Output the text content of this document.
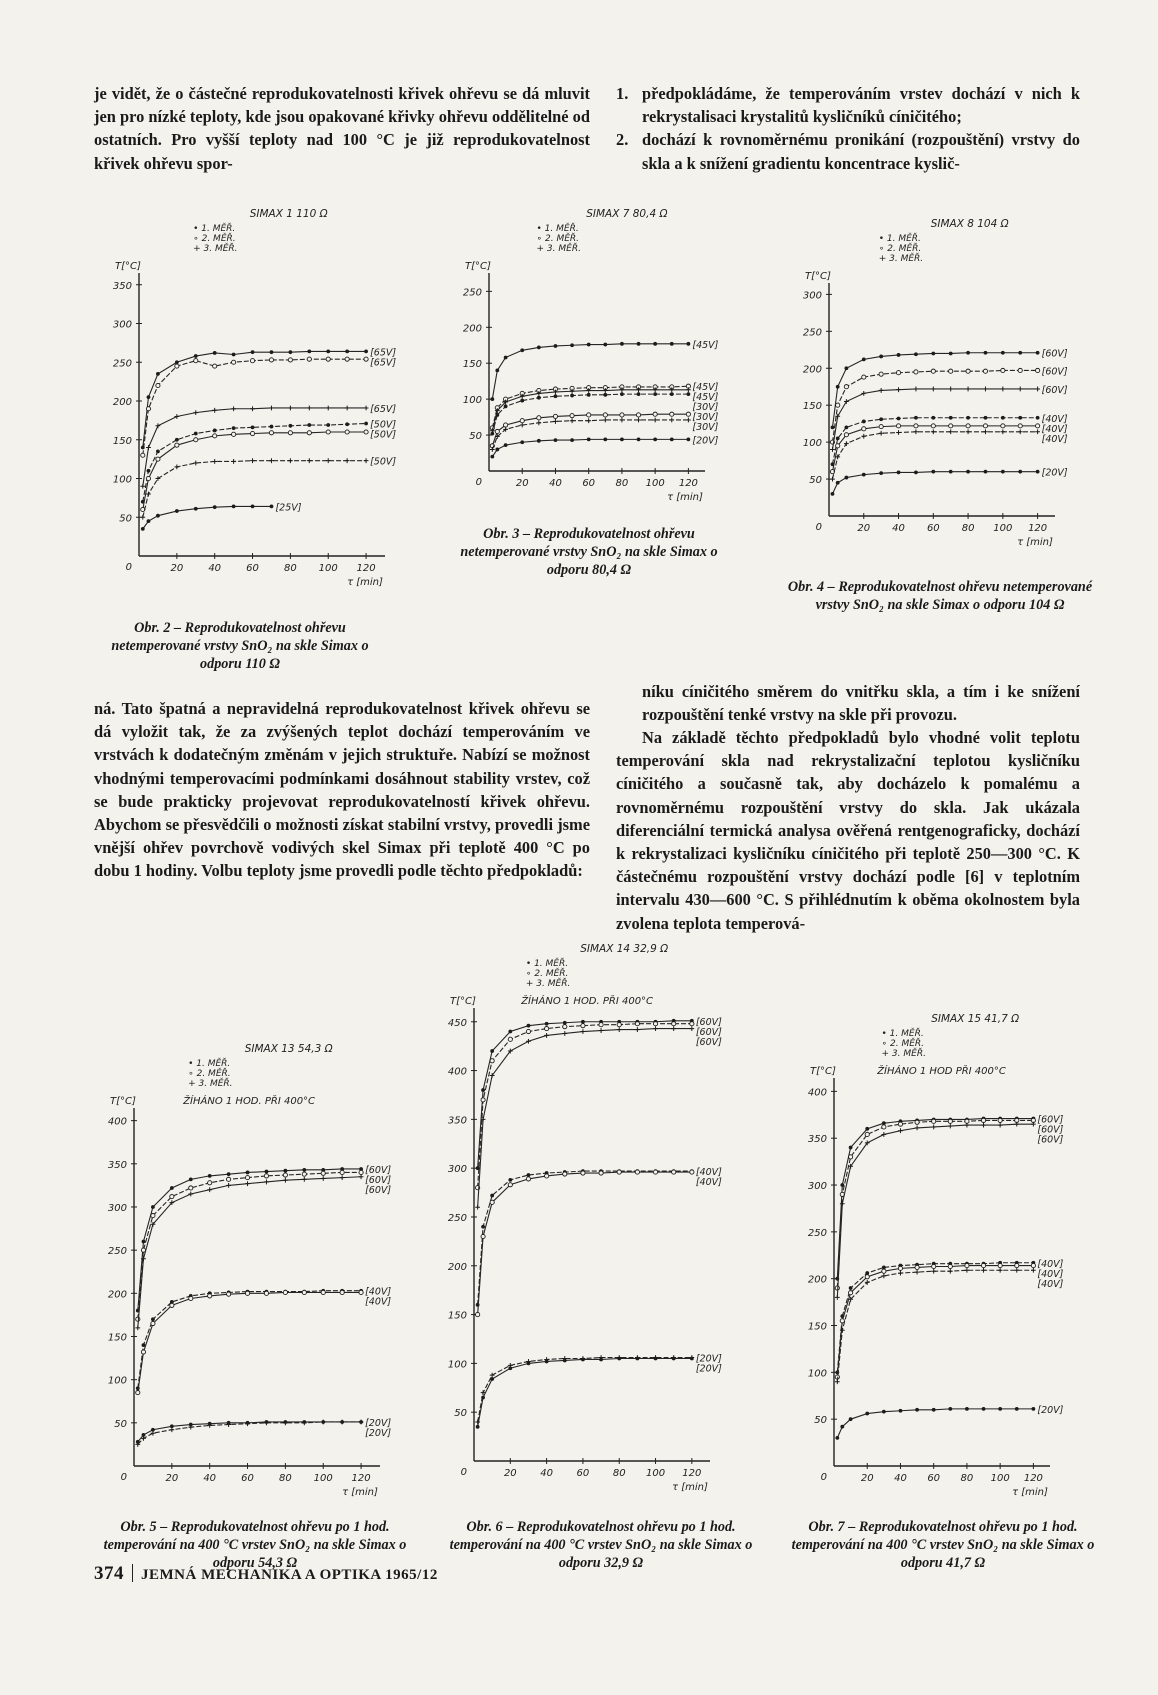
je vidět, že o částečné reprodukovatelnosti křivek ohřevu se dá mluvit jen pro nízké teploty, kde jsou opakované křivky ohřevu oddělitelné od ostatních. Pro vyšší teploty nad 100 °C je již reprodukovatelnost křivek ohřevu spor-
1. předpokládáme, že temperováním vrstev dochází v nich k rekrystalisaci krystalitů kysličníků cíničitého;
2. dochází k rovnoměrnému pronikání (rozpouštění) vrstvy do skla a k snížení gradientu koncentrace kyslič-
ná. Tato špatná a nepravidelná reprodukovatelnost křivek ohřevu se dá vyložit tak, že za zvýšených teplot dochází temperováním ve vrstvách k dodatečným změnám v jejich struktuře. Nabízí se možnost vhodnými temperovacími podmínkami dosáhnout stability vrstev, což se bude prakticky projevovat reprodukovatelností křivek ohřevu. Abychom se přesvědčili o možnosti získat stabilní vrstvy, provedli jsme vnější ohřev povrchově vodivých skel Simax při teplotě 400 °C po dobu 1 hodiny. Volbu teploty jsme provedli podle těchto předpokladů:
níku cíničitého směrem do vnitřku skla, a tím i ke snížení rozpouštění tenké vrstvy na skle při provozu.
Na základě těchto předpokladů bylo vhodné volit teplotu temperování skla nad rekrystalizační teplotou kysličníku cíničitého a současně tak, aby docházelo k pomalému a rovnoměrnému rozpouštění vrstvy do skla. Jak ukázala diferenciální termická analysa ověřená rentgenograficky, dochází k rekrystalizaci kysličníku cíničitého při teplotě 250—300 °C. K částečnému rozpouštění vrstvy dochází podle [6] v teplotním intervalu 430—600 °C. S přihlédnutím k oběma okolnostem byla zvolena teplota temperová-
50
100
150
200
250
300
350
0	20	40	60	80 100 120
T[°C]
τ [min]
SIMAX 1 110 Ω
• 1. MĚŘ.
∘ 2. MĚŘ.
+ 3. MĚŘ.
[65V]
[65V]
[65V]
[50V]
[50V]
[50V]
[25V]
Obr. 2 – Reprodukovatelnost ohřevu netemperované vrstvy SnO₂ na skle Simax o odporu 110 Ω
50
100
150
200
250
0	20 40 60 80 100 120
T[°C]
τ [min]
SIMAX 7 80,4 Ω
• 1. MĚŘ.
∘ 2. MĚŘ.
+ 3. MĚŘ.
[45V]
[45V]
[45V]
[30V]
[30V]
[30V]
[20V]
Obr. 3 – Reprodukovatelnost ohřevu netemperované vrstvy SnO₂ na skle Simax o odporu 80,4 Ω
50
100
150
200
250
300
0	20 40 60 80 100 120
T[°C]
τ [min]
SIMAX 8 104 Ω
• 1. MĚŘ.
∘ 2. MĚŘ.
+ 3. MĚŘ.
[60V]
[60V]
[60V]
[40V]
[40V]
[40V]
[20V]
Obr. 4 – Reprodukovatelnost ohřevu netemperované vrstvy SnO₂ na skle Simax o odporu 104 Ω
50
100
150
200
250
300
350
400
0	20	40	60	80 100 120
T[°C]
τ [min]
SIMAX 13 54,3 Ω
ŽÍHÁNO 1 HOD. PŘI 400°C
• 1. MĚŘ.
∘ 2. MĚŘ.
+ 3. MĚŘ.
[60V]
[60V]
[60V]
[40V]
[40V]
[20V]
[20V]
Obr. 5 – Reprodukovatelnost ohřevu po 1 hod. temperování na 400 °C vrstev SnO₂ na skle Simax o odporu 54,3 Ω
50
100
150
200
250
300
350
400
450
0	20 40 60 80 100 120
T[°C]
τ [min]
SIMAX 14 32,9 Ω
ŽÍHÁNO 1 HOD. PŘI 400°C
• 1. MĚŘ.
∘ 2. MĚŘ.
+ 3. MĚŘ.
[60V]
[60V]
[60V]
[40V]
[40V]
[20V]
[20V]
Obr. 6 – Reprodukovatelnost ohřevu po 1 hod. temperování na 400 °C vrstev SnO₂ na skle Simax o odporu 32,9 Ω
50
100
150
200
250
300
350
400
0	20 40 60 80 100 120
T[°C]
τ [min]
SIMAX 15 41,7 Ω
ŽÍHÁNO 1 HOD PŘI 400°C
• 1. MĚŘ.
∘ 2. MĚŘ.
+ 3. MĚŘ.
[60V]
[60V]
[60V]
[40V]
[40V]
[40V]
[20V]
Obr. 7 – Reprodukovatelnost ohřevu po 1 hod. temperování na 400 °C vrstev SnO₂ na skle Simax o odporu 41,7 Ω
374 JEMNÁ MECHANIKA A OPTIKA 1965/12
